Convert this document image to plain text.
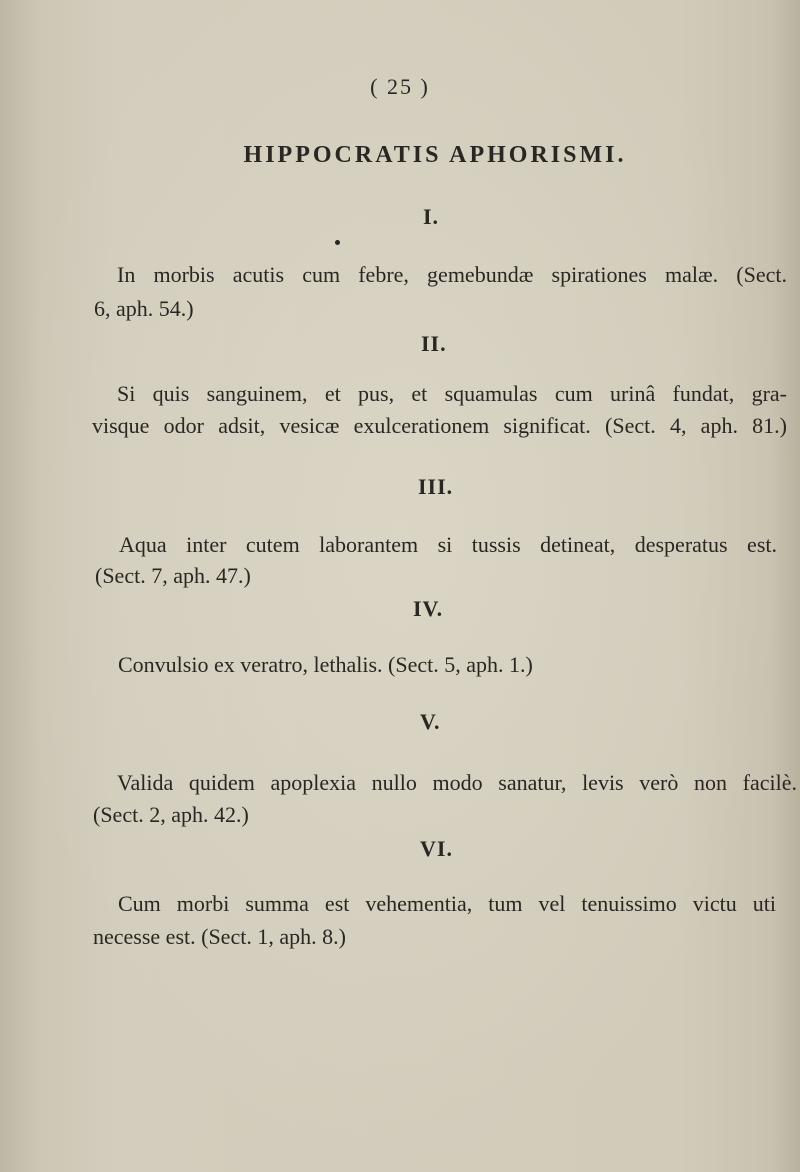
( 25 )
HIPPOCRATIS APHORISMI.
I.
In morbis acutis cum febre, gemebundæ spirationes malæ. (Sect.
6, aph. 54.)
II.
Si quis sanguinem, et pus, et squamulas cum urinâ fundat, gra-
visque odor adsit, vesicæ exulcerationem significat. (Sect. 4, aph. 81.)
III.
Aqua inter cutem laborantem si tussis detineat, desperatus est.
(Sect. 7, aph. 47.)
IV.
Convulsio ex veratro, lethalis. (Sect. 5, aph. 1.)
V.
Valida quidem apoplexia nullo modo sanatur, levis verò non facilè.
(Sect. 2, aph. 42.)
VI.
Cum morbi summa est vehementia, tum vel tenuissimo victu uti
necesse est. (Sect. 1, aph. 8.)
